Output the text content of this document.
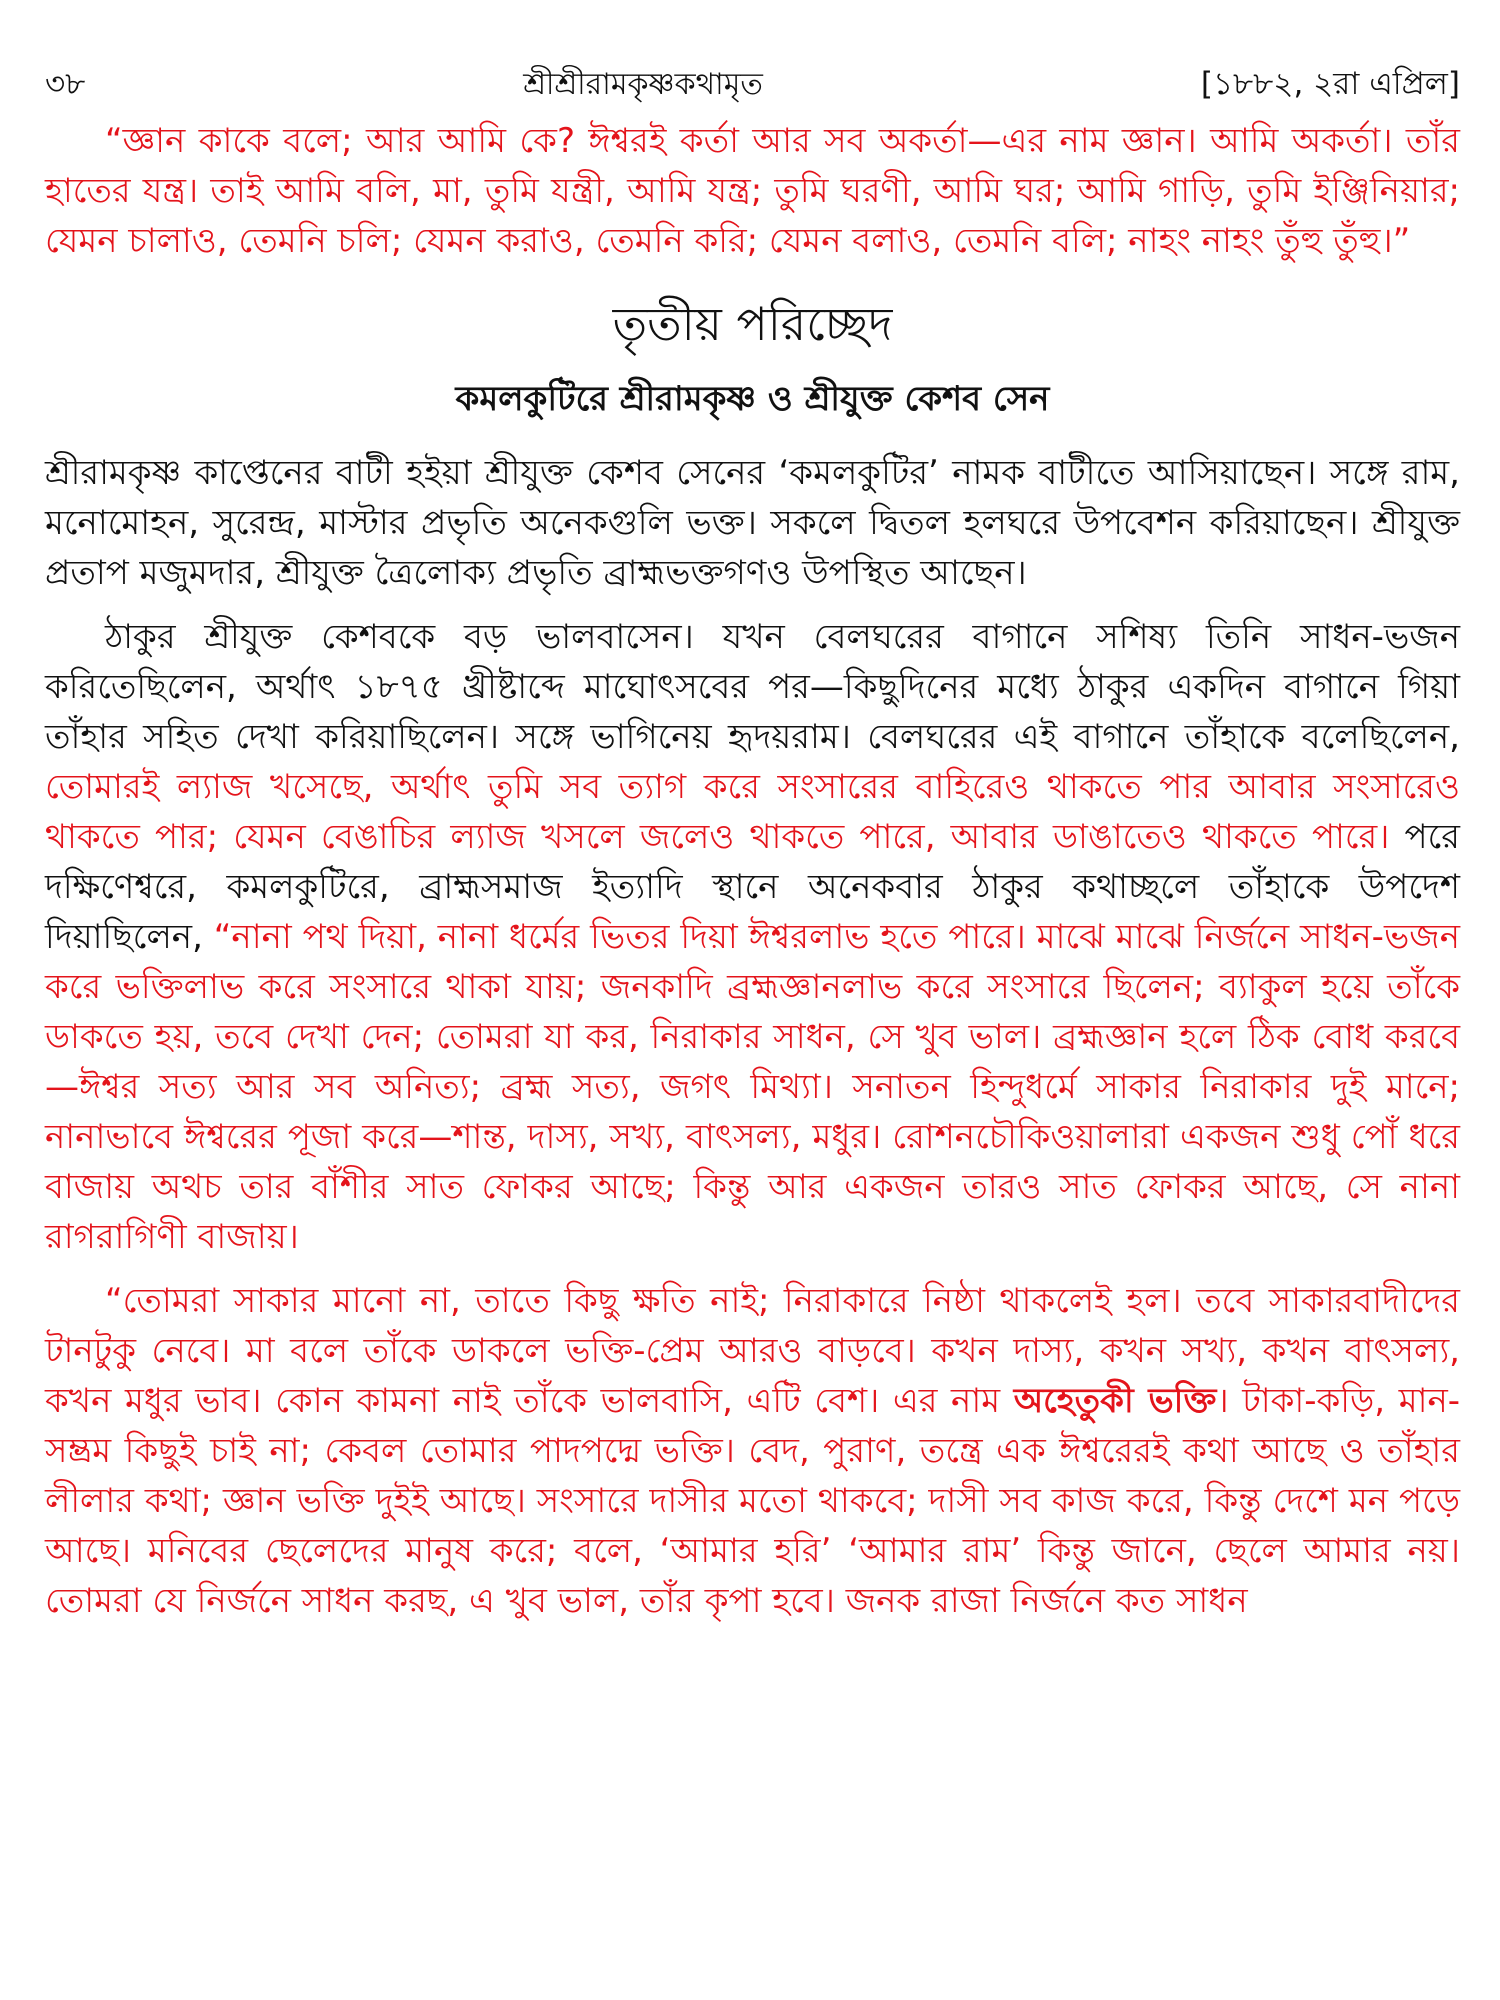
৩৮	শ্রীশ্রীরামকৃষ্ণকথামৃত	[১৮৮২, ২রা এপ্রিল]

“জ্ঞান কাকে বলে; আর আমি কে? ঈশ্বরই কর্তা আর সব অকর্তা—এর নাম জ্ঞান। আমি অকর্তা। তাঁর হাতের যন্ত্র। তাই আমি বলি, মা, তুমি যন্ত্রী, আমি যন্ত্র; তুমি ঘরণী, আমি ঘর; আমি গাড়ি, তুমি ইঞ্জিনিয়ার; যেমন চালাও, তেমনি চলি; যেমন করাও, তেমনি করি; যেমন বলাও, তেমনি বলি; নাহং নাহং তুঁহু তুঁহু।”

তৃতীয় পরিচ্ছেদ
কমলকুটিরে শ্রীরামকৃষ্ণ ও শ্রীযুক্ত কেশব সেন

শ্রীরামকৃষ্ণ কাপ্তেনের বাটী হইয়া শ্রীযুক্ত কেশব সেনের ‘কমলকুটির’ নামক বাটীতে আসিয়াছেন। সঙ্গে রাম, মনোমোহন, সুরেন্দ্র, মাস্টার প্রভৃতি অনেকগুলি ভক্ত। সকলে দ্বিতল হলঘরে উপবেশন করিয়াছেন। শ্রীযুক্ত প্রতাপ মজুমদার, শ্রীযুক্ত ত্রৈলোক্য প্রভৃতি ব্রাহ্মভক্তগণও উপস্থিত আছেন।

ঠাকুর শ্রীযুক্ত কেশবকে বড় ভালবাসেন। যখন বেলঘরের বাগানে সশিষ্য তিনি সাধন-ভজন করিতেছিলেন, অর্থাৎ ১৮৭৫ খ্রীষ্টাব্দে মাঘোৎসবের পর—কিছুদিনের মধ্যে ঠাকুর একদিন বাগানে গিয়া তাঁহার সহিত দেখা করিয়াছিলেন। সঙ্গে ভাগিনেয় হৃদয়রাম। বেলঘরের এই বাগানে তাঁহাকে বলেছিলেন, তোমারই ল্যাজ খসেছে, অর্থাৎ তুমি সব ত্যাগ করে সংসারের বাহিরেও থাকতে পার আবার সংসারেও থাকতে পার; যেমন বেঙাচির ল্যাজ খসলে জলেও থাকতে পারে, আবার ডাঙাতেও থাকতে পারে। পরে দক্ষিণেশ্বরে, কমলকুটিরে, ব্রাহ্মসমাজ ইত্যাদি স্থানে অনেকবার ঠাকুর কথাচ্ছলে তাঁহাকে উপদেশ দিয়াছিলেন, “নানা পথ দিয়া, নানা ধর্মের ভিতর দিয়া ঈশ্বরলাভ হতে পারে। মাঝে মাঝে নির্জনে সাধন-ভজন করে ভক্তিলাভ করে সংসারে থাকা যায়; জনকাদি ব্রহ্মজ্ঞানলাভ করে সংসারে ছিলেন; ব্যাকুল হয়ে তাঁকে ডাকতে হয়, তবে দেখা দেন; তোমরা যা কর, নিরাকার সাধন, সে খুব ভাল। ব্রহ্মজ্ঞান হলে ঠিক বোধ করবে—ঈশ্বর সত্য আর সব অনিত্য; ব্রহ্ম সত্য, জগৎ মিথ্যা। সনাতন হিন্দুধর্মে সাকার নিরাকার দুই মানে; নানাভাবে ঈশ্বরের পূজা করে—শান্ত, দাস্য, সখ্য, বাৎসল্য, মধুর। রোশনচৌকিওয়ালারা একজন শুধু পোঁ ধরে বাজায় অথচ তার বাঁশীর সাত ফোকর আছে; কিন্তু আর একজন তারও সাত ফোকর আছে, সে নানা রাগরাগিণী বাজায়।

“তোমরা সাকার মানো না, তাতে কিছু ক্ষতি নাই; নিরাকারে নিষ্ঠা থাকলেই হল। তবে সাকারবাদীদের টানটুকু নেবে। মা বলে তাঁকে ডাকলে ভক্তি-প্রেম আরও বাড়বে। কখন দাস্য, কখন সখ্য, কখন বাৎসল্য, কখন মধুর ভাব। কোন কামনা নাই তাঁকে ভালবাসি, এটি বেশ। এর নাম অহেতুকী ভক্তি। টাকা-কড়ি, মান-সম্ভ্রম কিছুই চাই না; কেবল তোমার পাদপদ্মে ভক্তি। বেদ, পুরাণ, তন্ত্রে এক ঈশ্বরেরই কথা আছে ও তাঁহার লীলার কথা; জ্ঞান ভক্তি দুইই আছে। সংসারে দাসীর মতো থাকবে; দাসী সব কাজ করে, কিন্তু দেশে মন পড়ে আছে। মনিবের ছেলেদের মানুষ করে; বলে, ‘আমার হরি’ ‘আমার রাম’ কিন্তু জানে, ছেলে আমার নয়। তোমরা যে নির্জনে সাধন করছ, এ খুব ভাল, তাঁর কৃপা হবে। জনক রাজা নির্জনে কত সাধন
